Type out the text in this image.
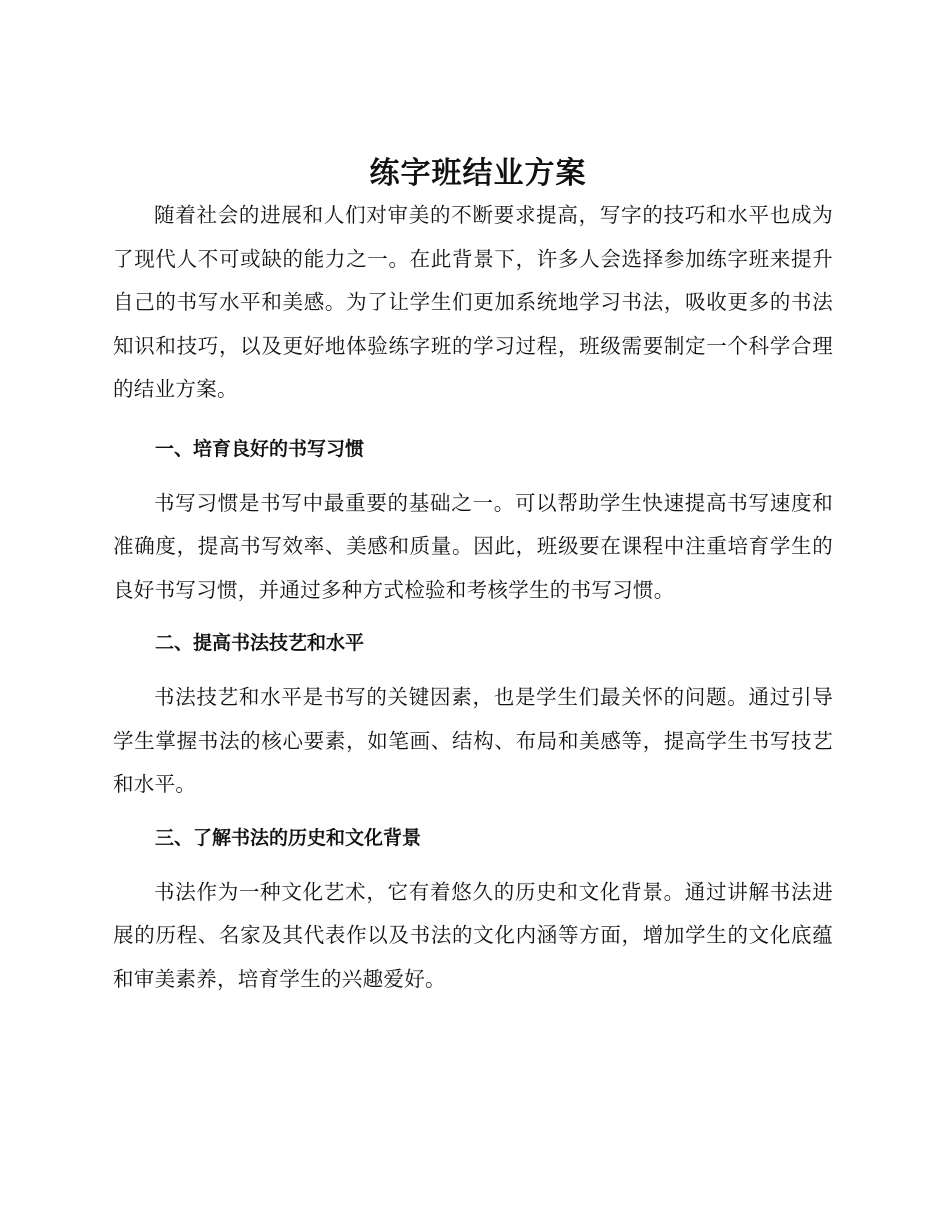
练字班结业方案

随着社会的进展和人们对审美的不断要求提高，写字的技巧和水平也成为了现代人不可或缺的能力之一。在此背景下，许多人会选择参加练字班来提升自己的书写水平和美感。为了让学生们更加系统地学习书法，吸收更多的书法知识和技巧，以及更好地体验练字班的学习过程，班级需要制定一个科学合理的结业方案。

一、培育良好的书写习惯

书写习惯是书写中最重要的基础之一。可以帮助学生快速提高书写速度和准确度，提高书写效率、美感和质量。因此，班级要在课程中注重培育学生的良好书写习惯，并通过多种方式检验和考核学生的书写习惯。

二、提高书法技艺和水平

书法技艺和水平是书写的关键因素，也是学生们最关怀的问题。通过引导学生掌握书法的核心要素，如笔画、结构、布局和美感等，提高学生书写技艺和水平。

三、了解书法的历史和文化背景

书法作为一种文化艺术，它有着悠久的历史和文化背景。通过讲解书法进展的历程、名家及其代表作以及书法的文化内涵等方面，增加学生的文化底蕴和审美素养，培育学生的兴趣爱好。
